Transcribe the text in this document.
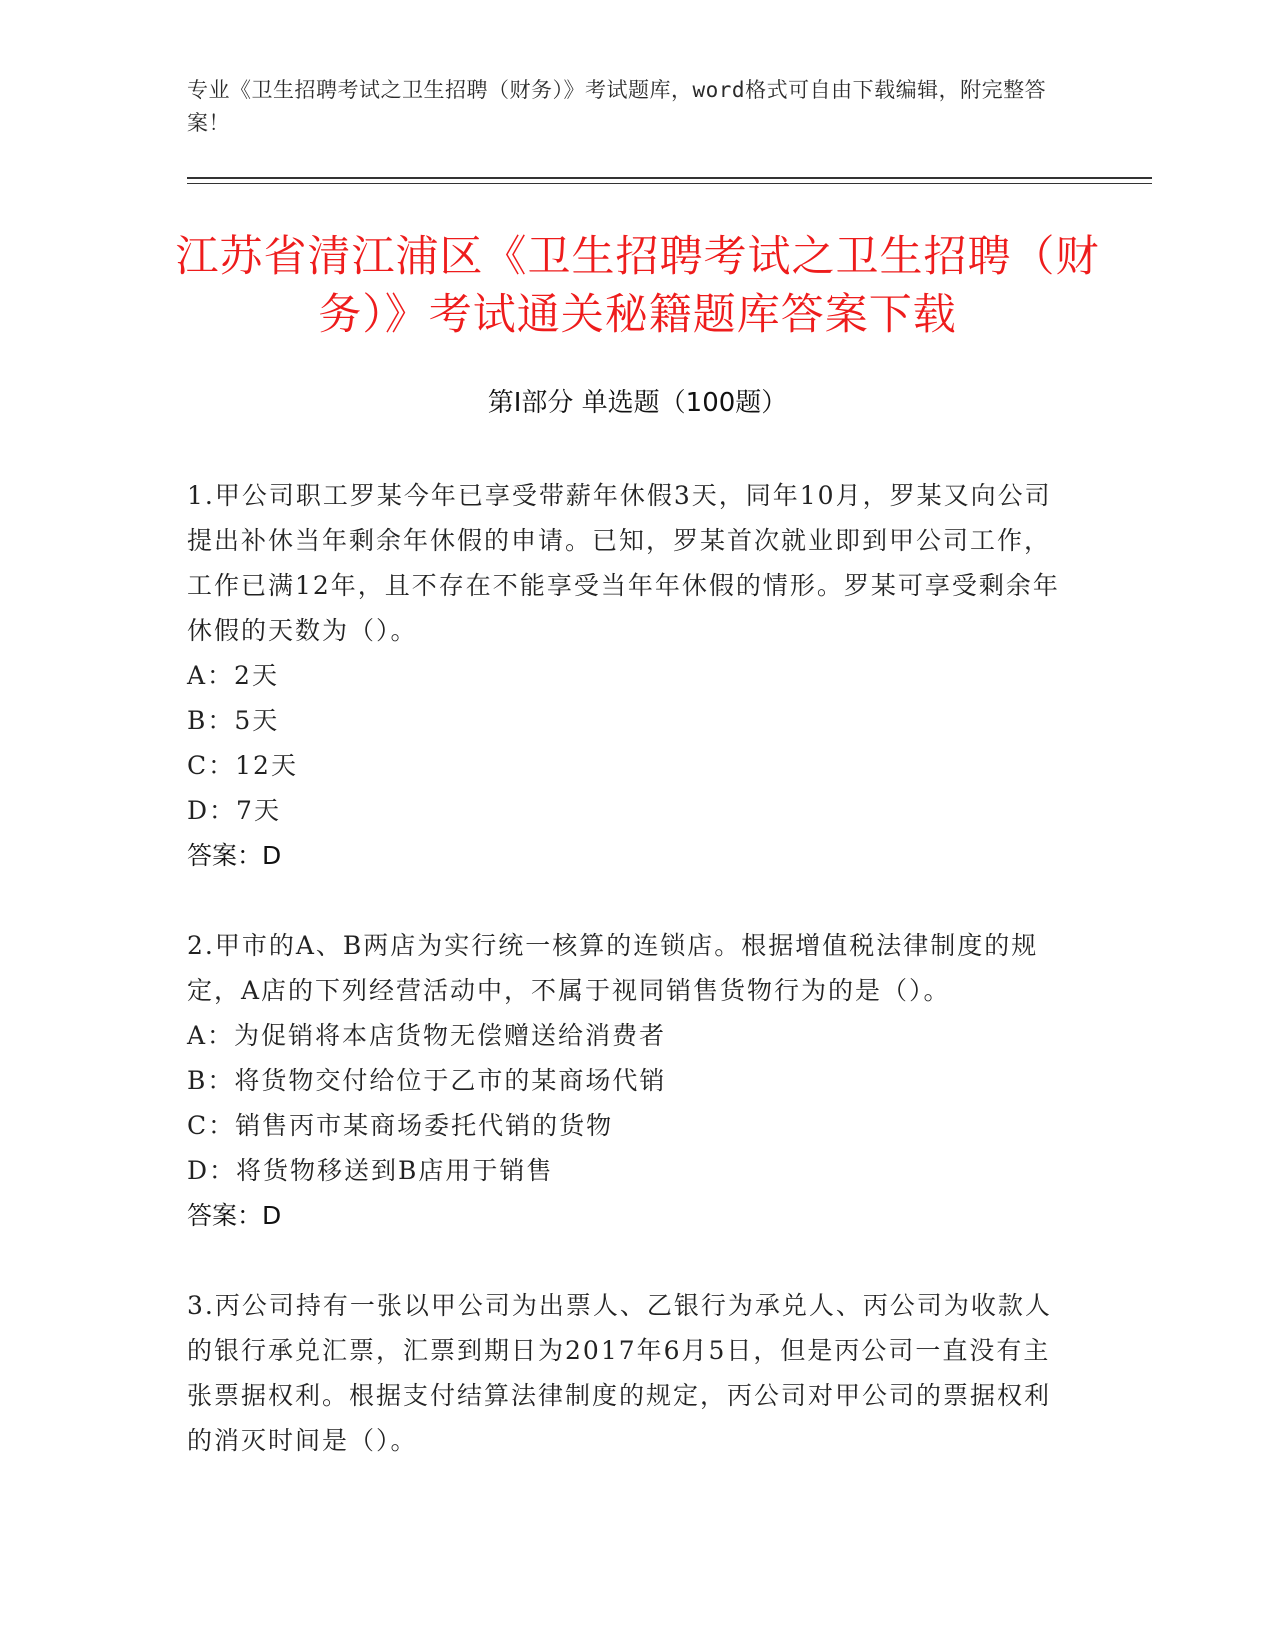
专业《卫生招聘考试之卫生招聘（财务）》考试题库，word格式可自由下载编辑，附完整答案！
江苏省清江浦区《卫生招聘考试之卫生招聘（财务）》考试通关秘籍题库答案下载
第Ⅰ部分 单选题（100题）

1.甲公司职工罗某今年已享受带薪年休假3天，同年10月，罗某又向公司提出补休当年剩余年休假的申请。已知，罗某首次就业即到甲公司工作，工作已满12年，且不存在不能享受当年年休假的情形。罗某可享受剩余年休假的天数为（）。

A：2天

B：5天

C：12天

D：7天

答案：D

2.甲市的A、B两店为实行统一核算的连锁店。根据增值税法律制度的规定，A店的下列经营活动中，不属于视同销售货物行为的是（）。

A：为促销将本店货物无偿赠送给消费者

B：将货物交付给位于乙市的某商场代销

C：销售丙市某商场委托代销的货物

D：将货物移送到B店用于销售

答案：D

3.丙公司持有一张以甲公司为出票人、乙银行为承兑人、丙公司为收款人的银行承兑汇票，汇票到期日为2017年6月5日，但是丙公司一直没有主张票据权利。根据支付结算法律制度的规定，丙公司对甲公司的票据权利的消灭时间是（）。
